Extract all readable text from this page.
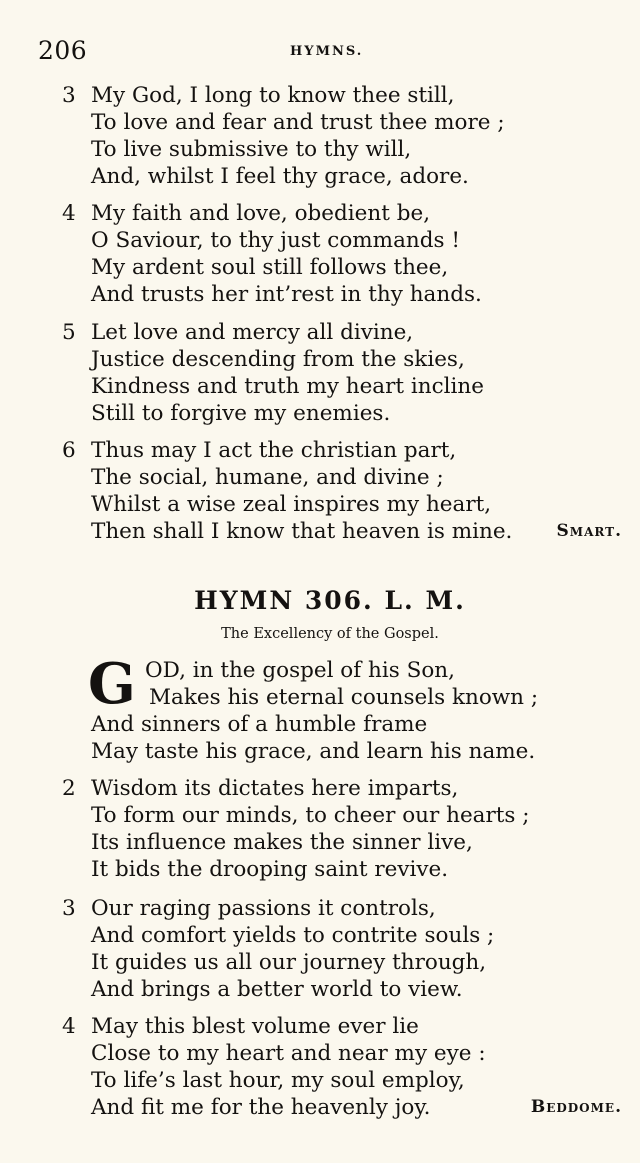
206	HYMNS.
3 My God, I long to know thee still,
To love and fear and trust thee more ;
To live submissive to thy will,
And, whilst I feel thy grace, adore.
4 My faith and love, obedient be,
O Saviour, to thy just commands !
My ardent soul still follows thee,
And trusts her int’rest in thy hands.
5 Let love and mercy all divine,
Justice descending from the skies,
Kindness and truth my heart incline
Still to forgive my enemies.
6 Thus may I act the christian part,
The social, humane, and divine ;
Whilst a wise zeal inspires my heart,
Then shall I know that heaven is mine.	Smart.
HYMN 306. L. M.
The Excellency of the Gospel.
G OD, in the gospel of his Son,
Makes his eternal counsels known ;
And sinners of a humble frame
May taste his grace, and learn his name.
2 Wisdom its dictates here imparts,
To form our minds, to cheer our hearts ;
Its influence makes the sinner live,
It bids the drooping saint revive.
3 Our raging passions it controls,
And comfort yields to contrite souls ;
It guides us all our journey through,
And brings a better world to view.
4 May this blest volume ever lie
Close to my heart and near my eye :
To life’s last hour, my soul employ,
And fit me for the heavenly joy.	Beddome.
